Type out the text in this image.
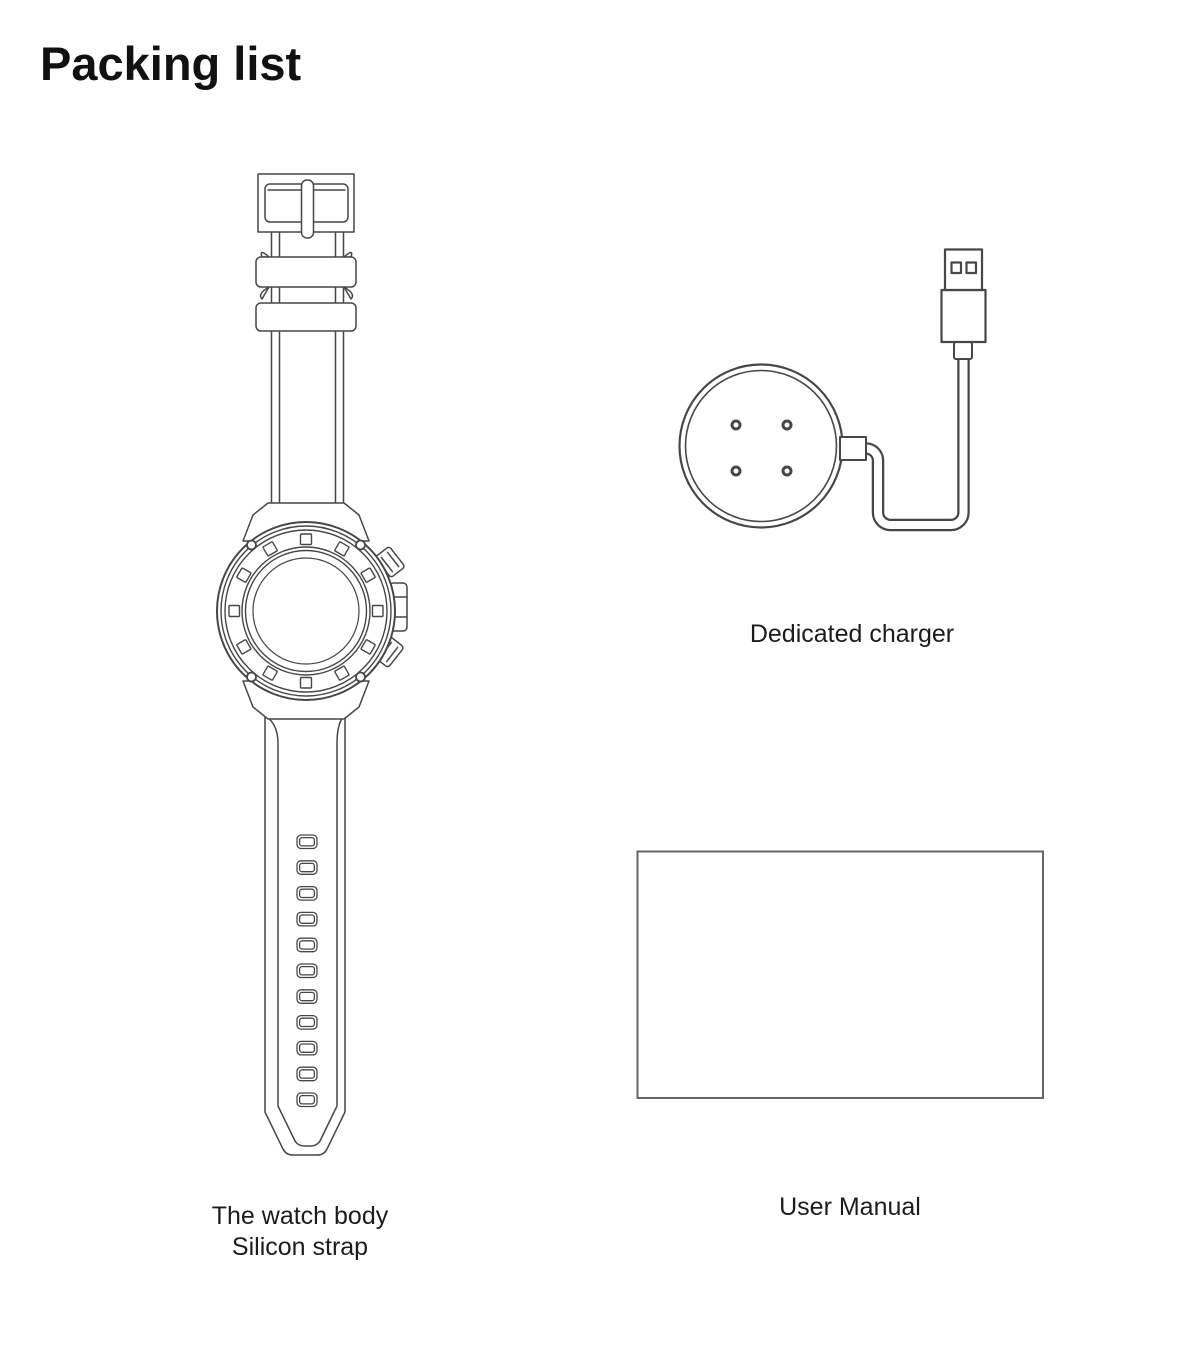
Packing list
The watch body
Silicon strap
Dedicated charger
User Manual
